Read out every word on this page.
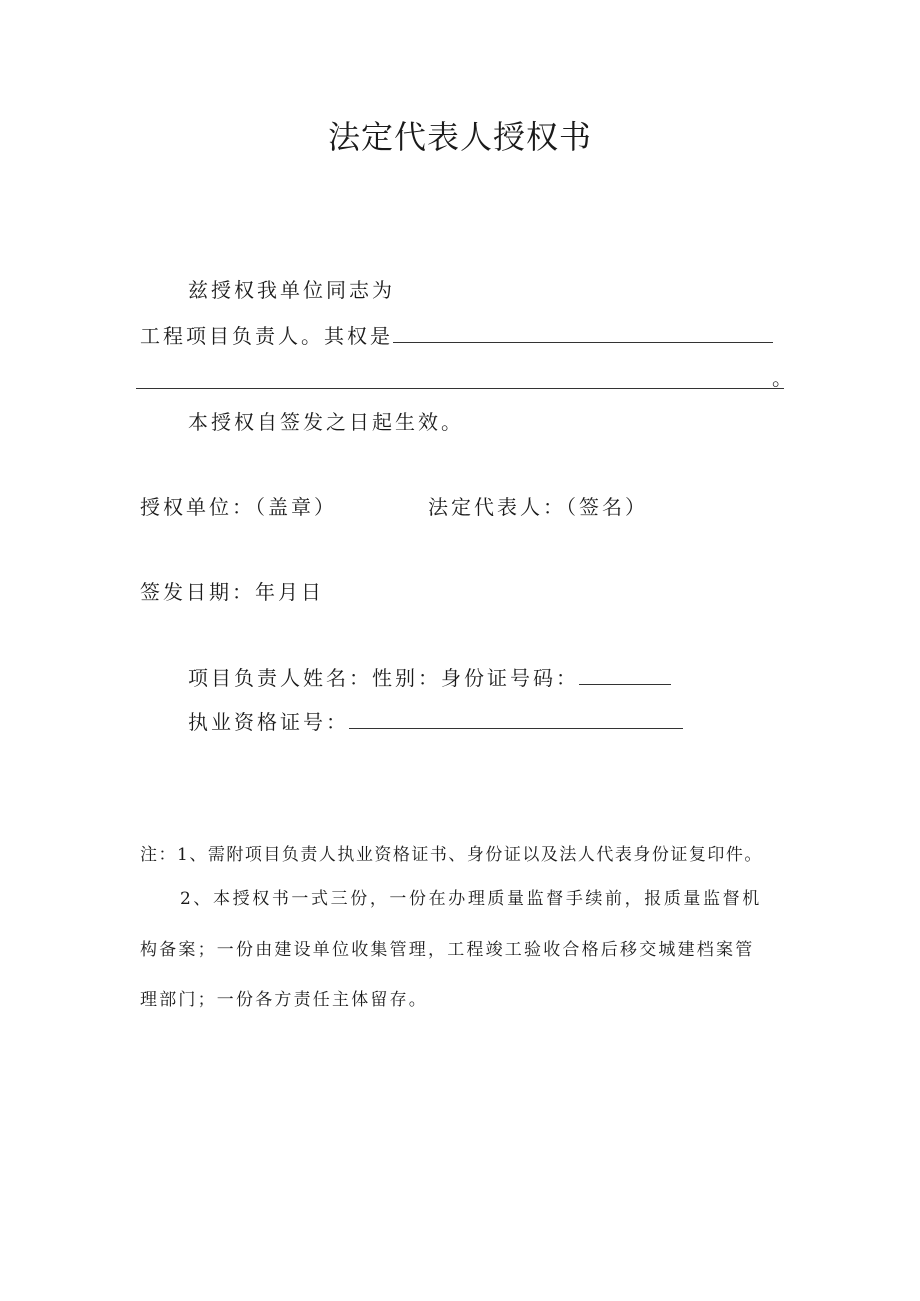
法定代表人授权书
兹授权我单位同志为
工程项目负责人。其权是
。
本授权自签发之日起生效。
授权单位：（盖章）	法定代表人：（签名）
签发日期：年月日
项目负责人姓名：性别：身份证号码：
执业资格证号：
注：1、需附项目负责人执业资格证书、身份证以及法人代表身份证复印件。
2、本授权书一式三份，一份在办理质量监督手续前，报质量监督机
构备案；一份由建设单位收集管理，工程竣工验收合格后移交城建档案管
理部门；一份各方责任主体留存。
